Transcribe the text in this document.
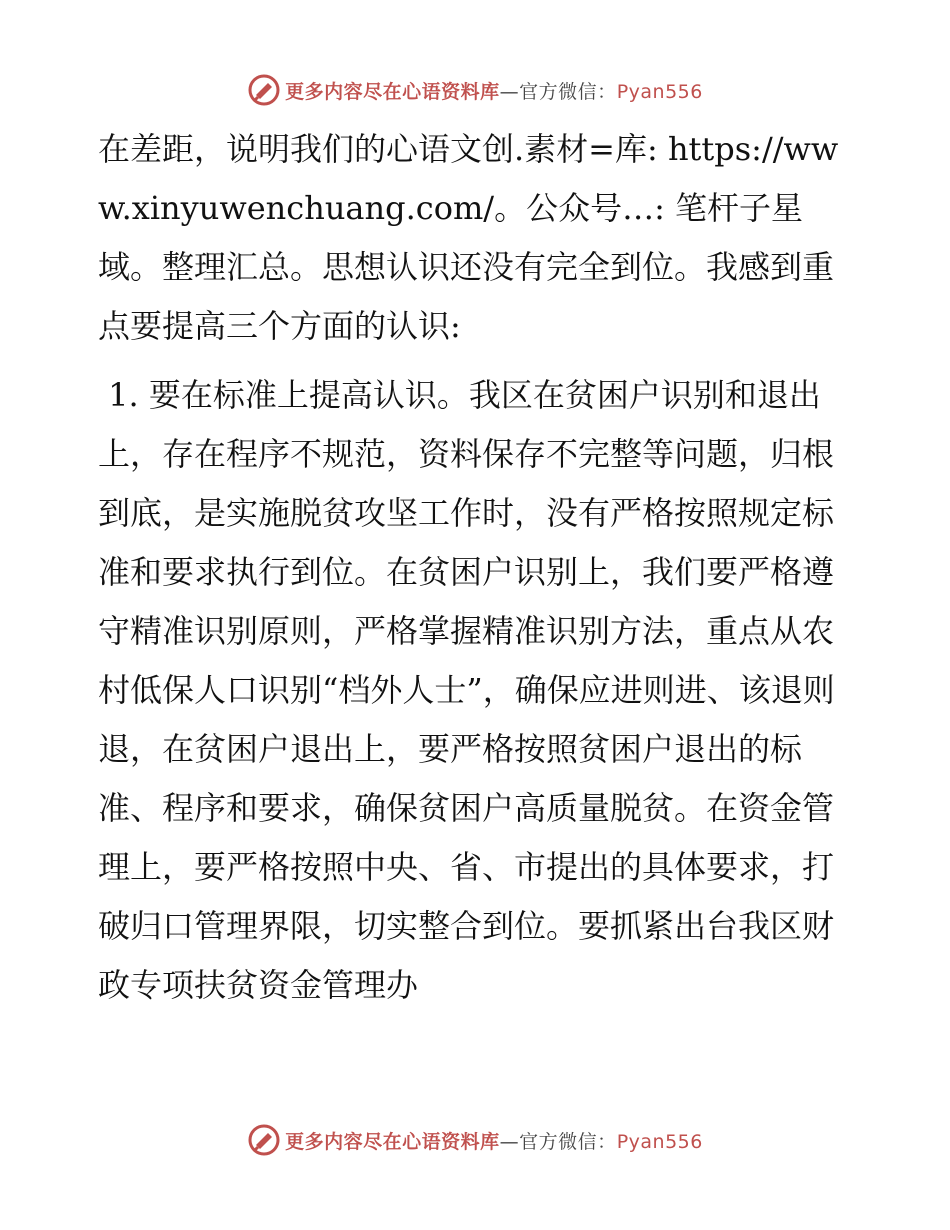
更多内容尽在心语资料库—官方微信：Pyan556

在差距，说明我们的心语文创.素材=库: https://www.xinyuwenchuang.com/。公众号…: 笔杆子星域。整理汇总。思想认识还没有完全到位。我感到重点要提高三个方面的认识:

1. 要在标准上提高认识。我区在贫困户识别和退出上，存在程序不规范，资料保存不完整等问题，归根到底，是实施脱贫攻坚工作时，没有严格按照规定标准和要求执行到位。在贫困户识别上，我们要严格遵守精准识别原则，严格掌握精准识别方法，重点从农村低保人口识别“档外人士”，确保应进则进、该退则退，在贫困户退出上，要严格按照贫困户退出的标准、程序和要求，确保贫困户高质量脱贫。在资金管理上，要严格按照中央、省、市提出的具体要求，打破归口管理界限，切实整合到位。要抓紧出台我区财政专项扶贫资金管理办

更多内容尽在心语资料库—官方微信：Pyan556
